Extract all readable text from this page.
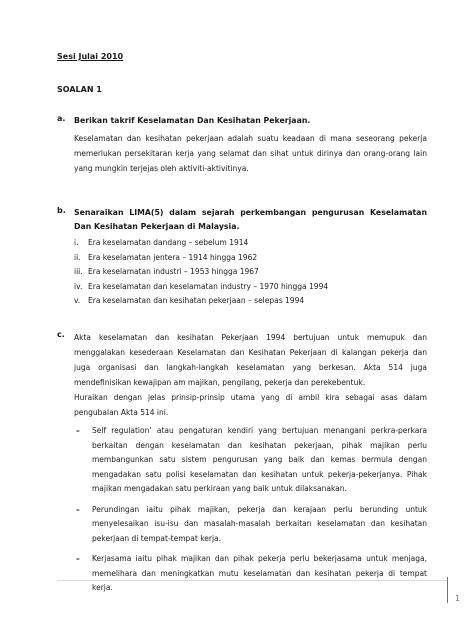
Sesi Julai 2010
SOALAN 1
a. Berikan takrif Keselamatan Dan Kesihatan Pekerjaan.
Keselamatan dan kesihatan pekerjaan adalah suatu keadaan di mana seseorang pekerja memerlukan persekitaran kerja yang selamat dan sihat untuk dirinya dan orang-orang lain yang mungkin terjejas oleh aktiviti-aktivitinya.
b. Senaraikan LIMA(5) dalam sejarah perkembangan pengurusan Keselamatan Dan Kesihatan Pekerjaan di Malaysia.
i. Era keselamatan dandang – sebelum 1914
ii. Era keselamatan jentera – 1914 hingga 1962
iii. Era keselamatan industri – 1953 hingga 1967
iv. Era keselamatan dan keselamatan industry – 1970 hingga 1994
v. Era keselamatan dan kesihatan pekerjaan – selepas 1994
c. Akta keselamatan dan kesihatan Pekerjaan 1994 bertujuan untuk memupuk dan menggalakan kesederaan Keselamatan dan Kesihatan Pekerjaan di kalangan pekerja dan juga organisasi dan langkah-langkah keselamatan yang berkesan. Akta 514 juga mendefinisikan kewajipan am majikan, pengilang, pekerja dan perekebentuk.
Huraikan dengan jelas prinsip-prinsip utama yang di ambil kira sebagai asas dalam pengubalan Akta 514 ini.
– Self regulation’ atau pengaturan kendiri yang bertujuan menangani perkra-perkara berkaitan dengan keselamatan dan kesihatan pekerjaan, pihak majikan perlu membangunkan satu sistem pengurusan yang baik dan kemas bermula dengan mengadakan satu polisi keselamatan dan kesihatan untuk pekerja-pekerjanya. Pihak majikan mengadakan satu perkiraan yang baik untuk dilaksanakan.
– Perundingan iaitu pihak majikan, pekerja dan kerajaan perlu berunding untuk menyelesaikan isu-isu dan masalah-masalah berkaitan keselamatan dan kesihatan pekerjaan di tempat-tempat kerja.
– Kerjasama iaitu pihak majikan dan pihak pekerja perlu bekerjasama untuk menjaga, memelihara dan meningkatkan mutu keselamatan dan kesihatan pekerja di tempat kerja.
1
